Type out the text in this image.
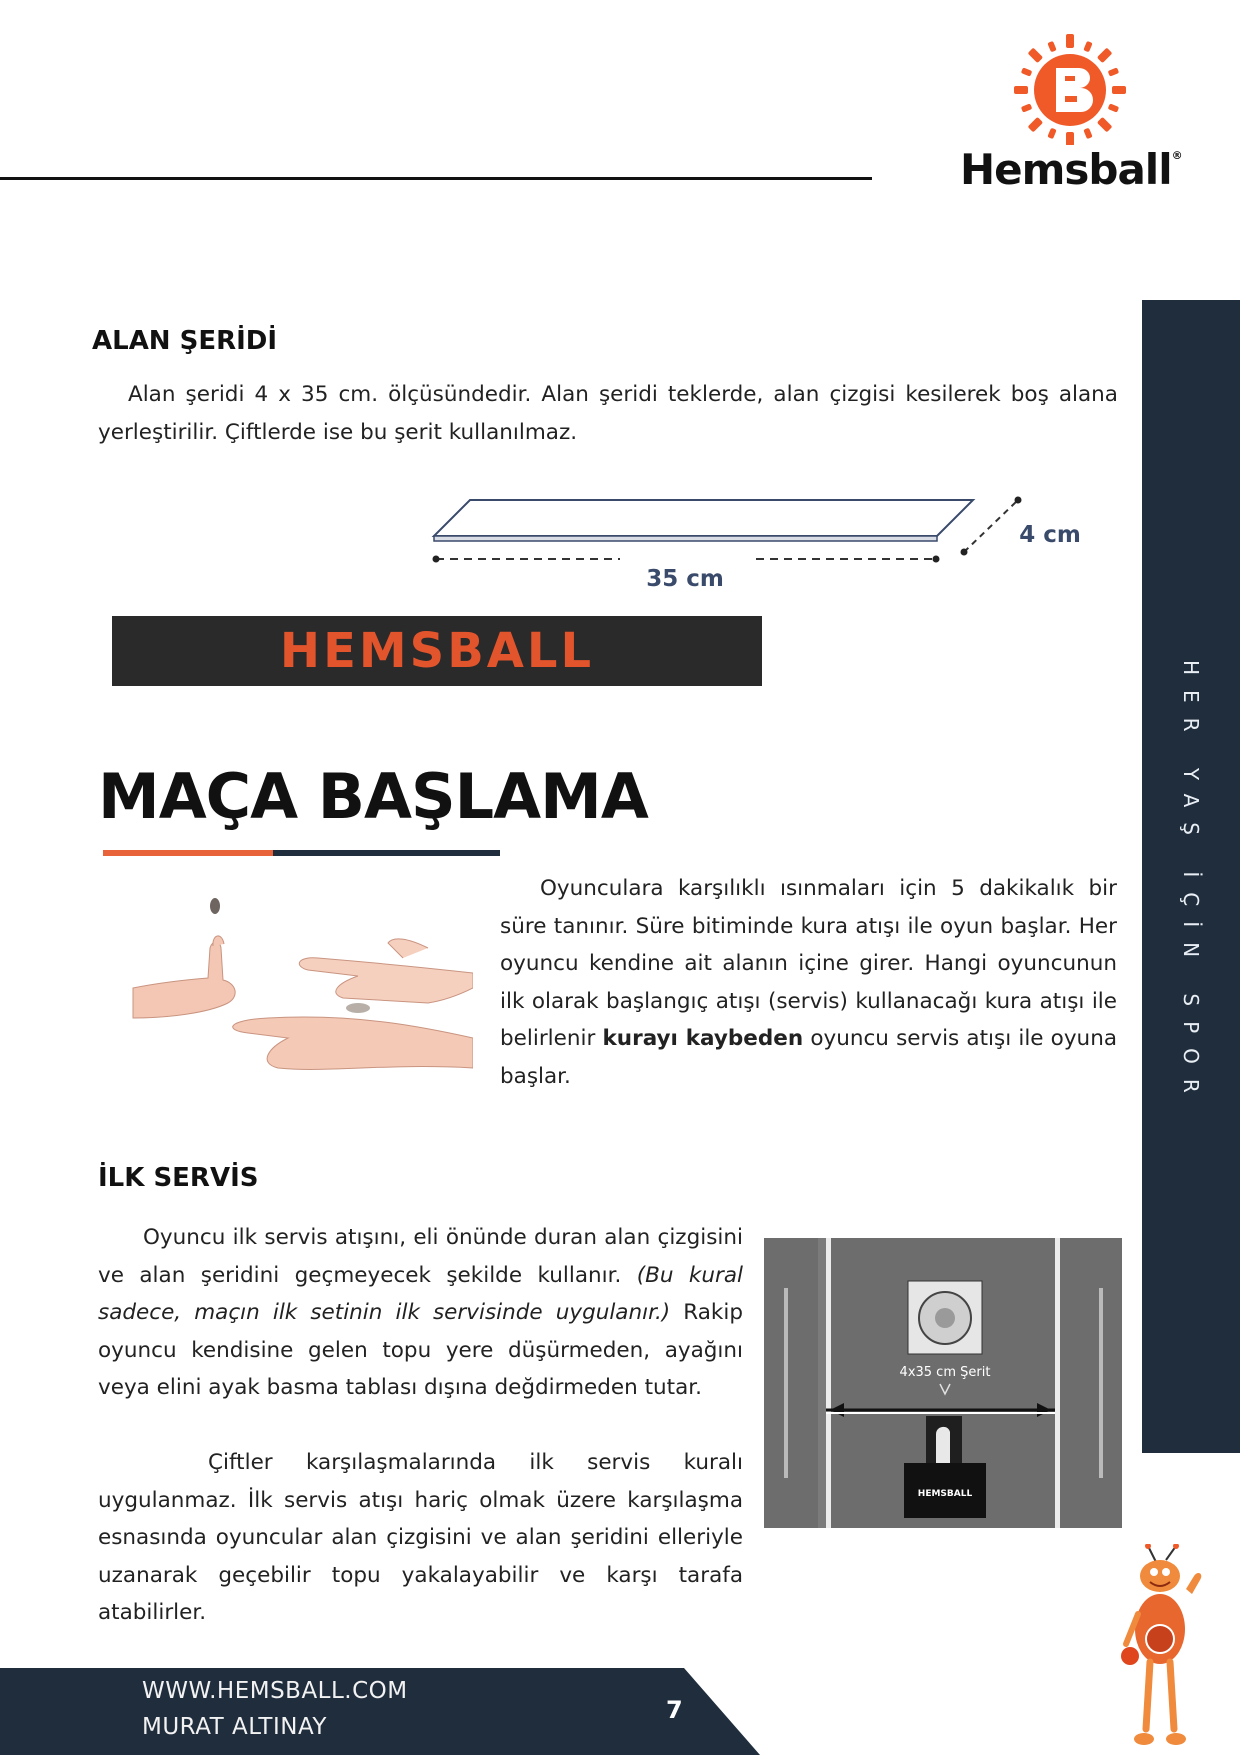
Hemsball®
HER YAŞ İÇİN SPOR
ALAN ŞERİDİ

Alan şeridi 4 x 35 cm. ölçüsündedir. Alan şeridi teklerde, alan çizgisi kesilerek boş alana yerleştirilir. Çiftlerde ise bu şerit kullanılmaz.

35 cm
4 cm
HEMSBALL
MAÇA BAŞLAMA

Oyunculara karşılıklı ısınmaları için 5 dakikalık bir süre tanınır. Süre bitiminde kura atışı ile oyun başlar. Her oyuncu kendine ait alanın içine girer. Hangi oyuncunun ilk olarak başlangıç atışı (servis) kullanacağı kura atışı ile belirlenir kurayı kaybeden oyuncu servis atışı ile oyuna başlar.

İLK SERVİS

Oyuncu ilk servis atışını, eli önünde duran alan çizgisini ve alan şeridini geçmeyecek şekilde kullanır. (Bu kural sadece, maçın ilk setinin ilk servisinde uygulanır.) Rakip oyuncu kendisine gelen topu yere düşürmeden, ayağını veya elini ayak basma tablası dışına değdirmeden tutar.

Çiftler karşılaşmalarında ilk servis kuralı uygulanmaz. İlk servis atışı hariç olmak üzere karşılaşma esnasında oyuncular alan çizgisini ve alan şeridini elleriyle uzanarak geçebilir topu yakalayabilir ve karşı tarafa atabilirler.

4x35 cm Şerit
HEMSBALL
WWW.HEMSBALL.COM
MURAT ALTINAY
7
